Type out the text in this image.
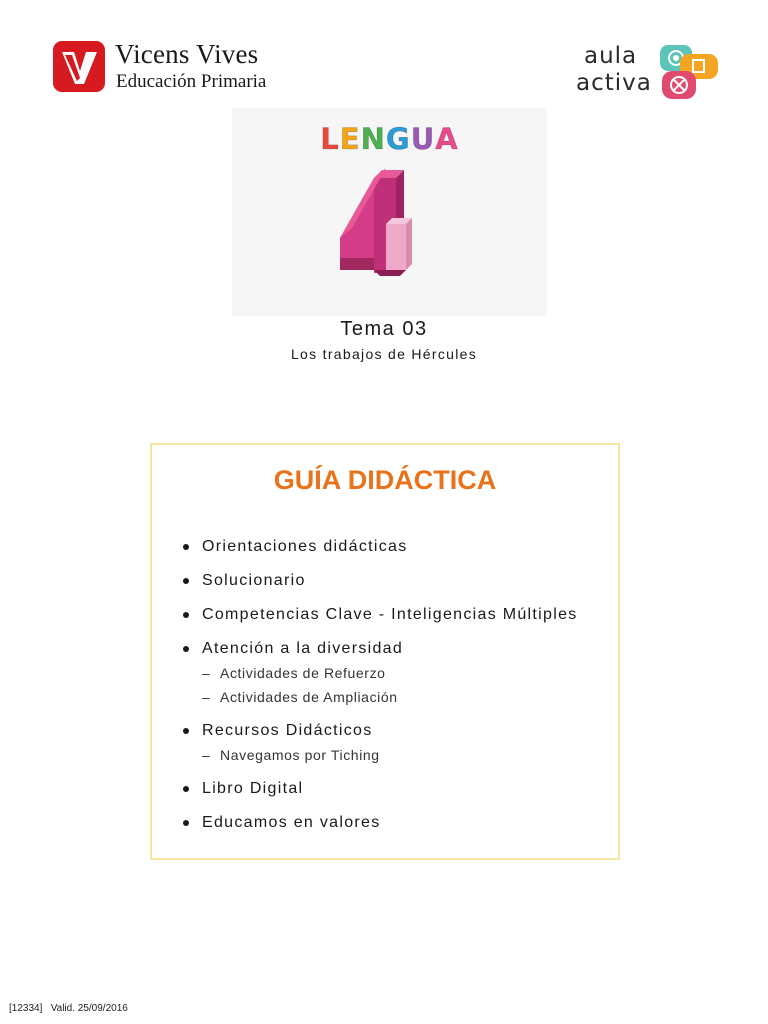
Vicens Vives
Educación Primaria
aula
activa
LENGUA
Tema 03
Los trabajos de Hércules
GUÍA DIDÁCTICA
Orientaciones didácticas
Solucionario
Competencias Clave - Inteligencias Múltiples
Atención a la diversidad
– Actividades de Refuerzo
– Actividades de Ampliación
Recursos Didácticos
– Navegamos por Tiching
Libro Digital
Educamos en valores
[12334] Valid. 25/09/2016
